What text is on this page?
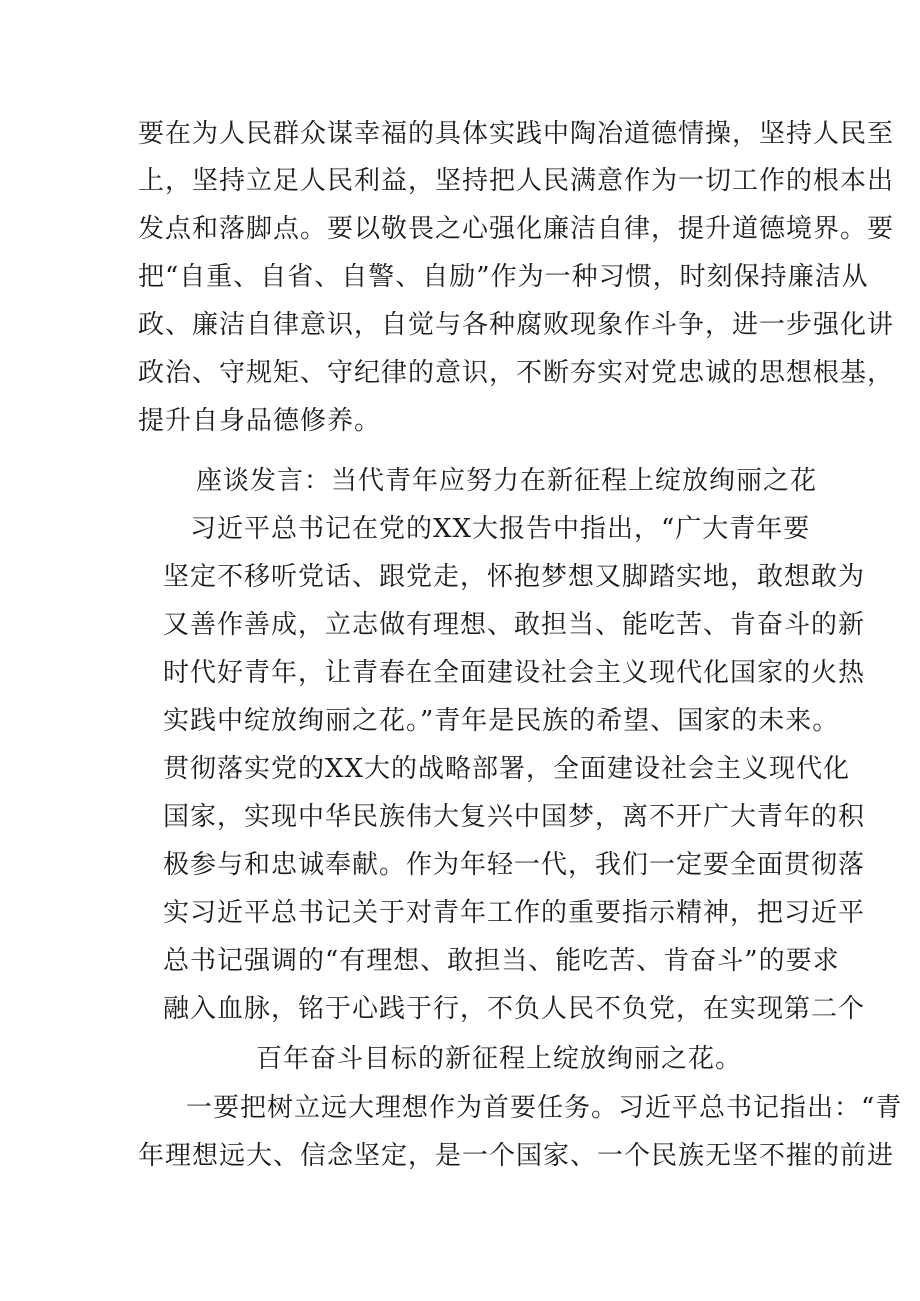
要在为人民群众谋幸福的具体实践中陶冶道德情操，坚持人民至
上，坚持立足人民利益，坚持把人民满意作为一切工作的根本出
发点和落脚点。要以敬畏之心强化廉洁自律，提升道德境界。要
把“自重、自省、自警、自励”作为一种习惯，时刻保持廉洁从
政、廉洁自律意识，自觉与各种腐败现象作斗争，进一步强化讲
政治、守规矩、守纪律的意识，不断夯实对党忠诚的思想根基，
提升自身品德修养。
座谈发言：当代青年应努力在新征程上绽放绚丽之花
习近平总书记在党的XX大报告中指出，“广大青年要
坚定不移听党话、跟党走，怀抱梦想又脚踏实地，敢想敢为
又善作善成，立志做有理想、敢担当、能吃苦、肯奋斗的新
时代好青年，让青春在全面建设社会主义现代化国家的火热
实践中绽放绚丽之花。”青年是民族的希望、国家的未来。
贯彻落实党的XX大的战略部署，全面建设社会主义现代化
国家，实现中华民族伟大复兴中国梦，离不开广大青年的积
极参与和忠诚奉献。作为年轻一代，我们一定要全面贯彻落
实习近平总书记关于对青年工作的重要指示精神，把习近平
总书记强调的“有理想、敢担当、能吃苦、肯奋斗”的要求
融入血脉，铭于心践于行，不负人民不负党，在实现第二个
百年奋斗目标的新征程上绽放绚丽之花。
一要把树立远大理想作为首要任务。习近平总书记指出：“青
年理想远大、信念坚定，是一个国家、一个民族无坚不摧的前进
